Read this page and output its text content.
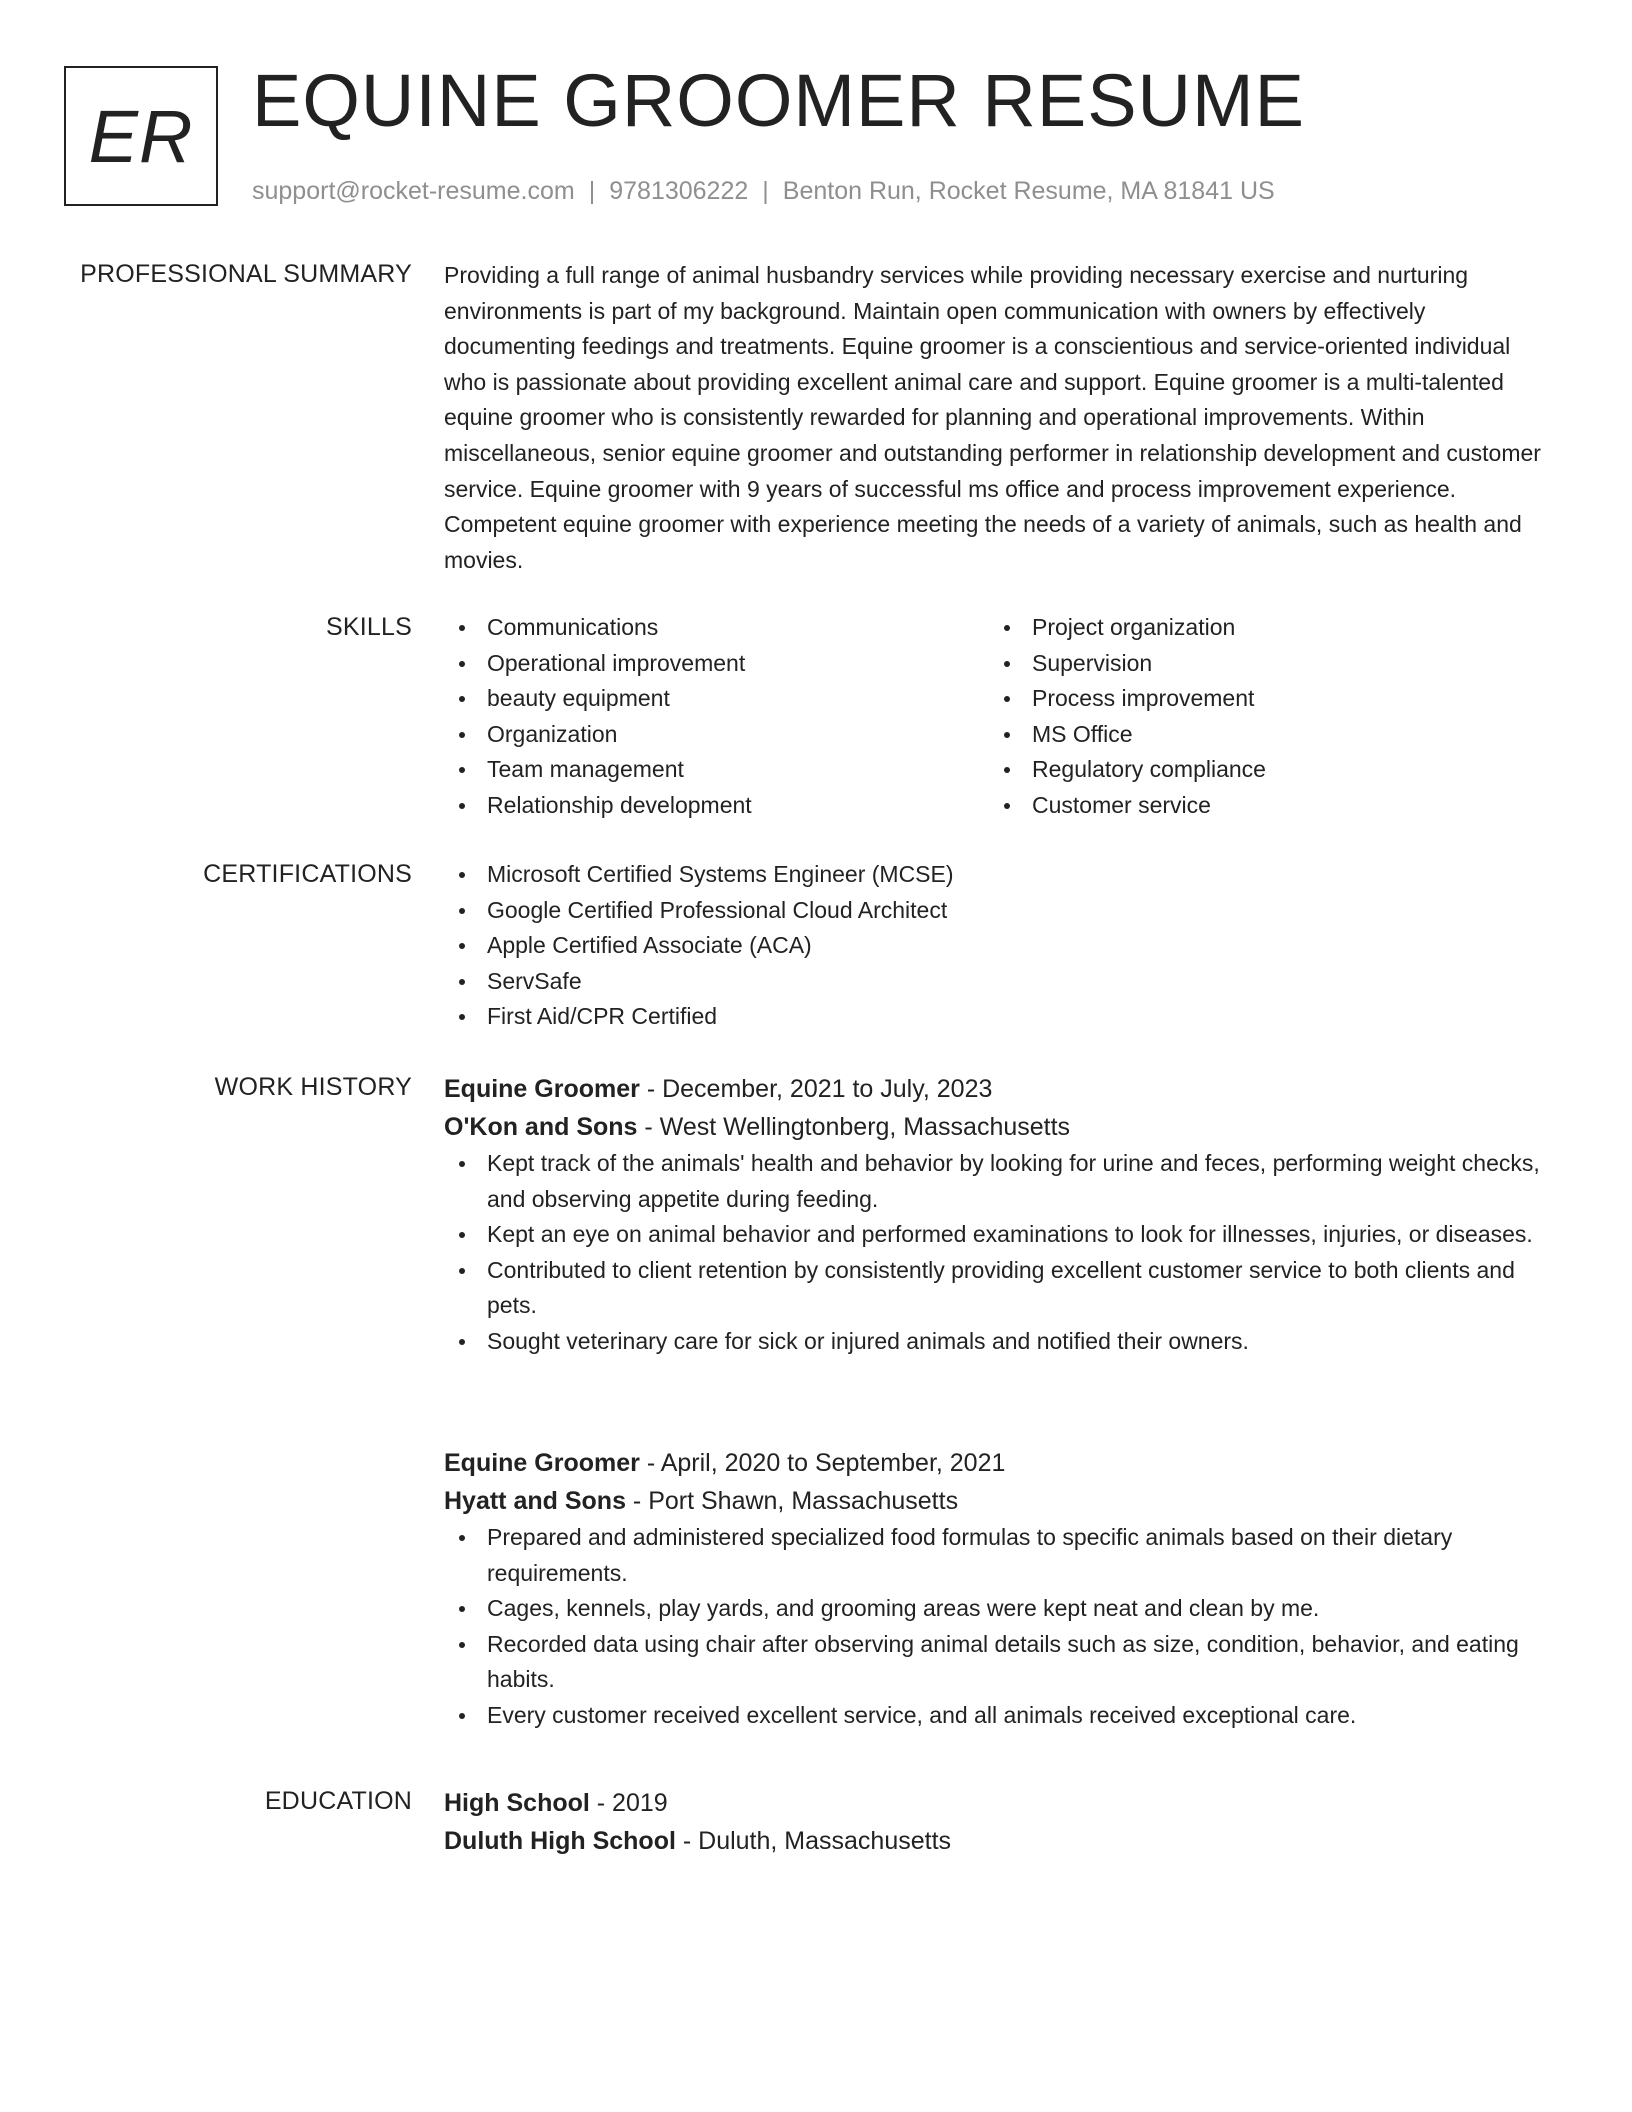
ER EQUINE GROOMER RESUME
support@rocket-resume.com | 9781306222 | Benton Run, Rocket Resume, MA 81841 US
PROFESSIONAL SUMMARY Providing a full range of animal husbandry services while providing necessary exercise and nurturing environments is part of my background. Maintain open communication with owners by effectively documenting feedings and treatments. Equine groomer is a conscientious and service-oriented individual who is passionate about providing excellent animal care and support. Equine groomer is a multi-talented equine groomer who is consistently rewarded for planning and operational improvements. Within miscellaneous, senior equine groomer and outstanding performer in relationship development and customer service. Equine groomer with 9 years of successful ms office and process improvement experience. Competent equine groomer with experience meeting the needs of a variety of animals, such as health and movies.

SKILLS	Communications
Operational improvement
beauty equipment
Organization
Team management
Relationship development
Project organization
Supervision
Process improvement
MS Office
Regulatory compliance
Customer service
CERTIFICATIONS	Microsoft Certified Systems Engineer (MCSE)
Google Certified Professional Cloud Architect
Apple Certified Associate (ACA)
ServSafe
First Aid/CPR Certified
WORK HISTORY Equine Groomer - December, 2021 to July, 2023
O'Kon and Sons - West Wellingtonberg, Massachusetts
Kept track of the animals' health and behavior by looking for urine and feces, performing weight checks, and observing appetite during feeding.
Kept an eye on animal behavior and performed examinations to look for illnesses, injuries, or diseases.
Contributed to client retention by consistently providing excellent customer service to both clients and pets.
Sought veterinary care for sick or injured animals and notified their owners.
Equine Groomer - April, 2020 to September, 2021
Hyatt and Sons - Port Shawn, Massachusetts
Prepared and administered specialized food formulas to specific animals based on their dietary requirements.
Cages, kennels, play yards, and grooming areas were kept neat and clean by me.
Recorded data using chair after observing animal details such as size, condition, behavior, and eating habits.
Every customer received excellent service, and all animals received exceptional care.
EDUCATION High School - 2019
Duluth High School - Duluth, Massachusetts
